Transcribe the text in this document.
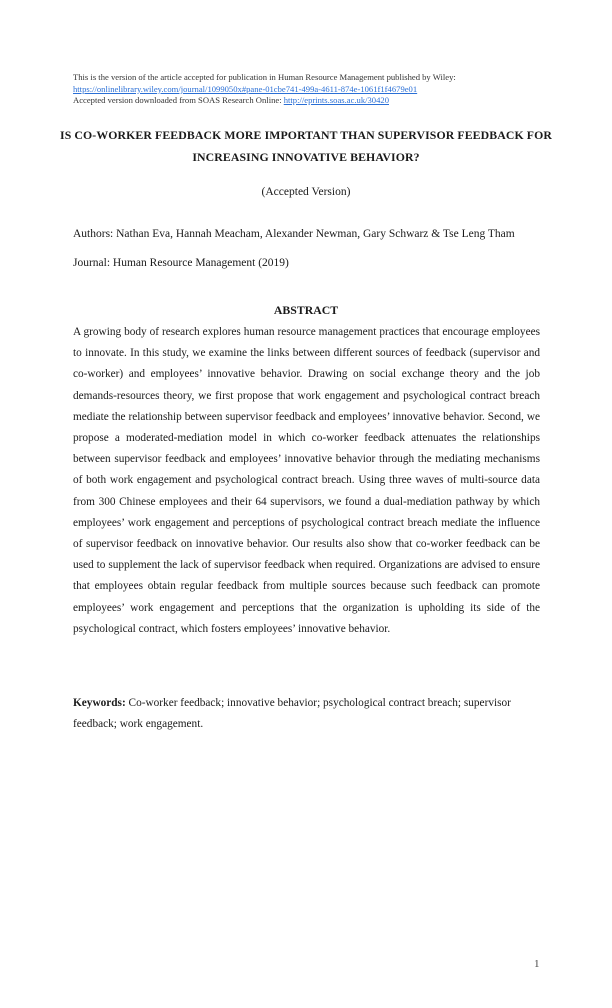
This is the version of the article accepted for publication in Human Resource Management published by Wiley:
https://onlinelibrary.wiley.com/journal/1099050x#pane-01cbe741-499a-4611-874e-1061f1f4679e01
Accepted version downloaded from SOAS Research Online: http://eprints.soas.ac.uk/30420
IS CO-WORKER FEEDBACK MORE IMPORTANT THAN SUPERVISOR FEEDBACK FOR INCREASING INNOVATIVE BEHAVIOR?
(Accepted Version)
Authors: Nathan Eva, Hannah Meacham, Alexander Newman, Gary Schwarz & Tse Leng Tham
Journal: Human Resource Management (2019)
ABSTRACT

A growing body of research explores human resource management practices that encourage employees to innovate. In this study, we examine the links between different sources of feedback (supervisor and co-worker) and employees’ innovative behavior. Drawing on social exchange theory and the job demands-resources theory, we first propose that work engagement and psychological contract breach mediate the relationship between supervisor feedback and employees’ innovative behavior. Second, we propose a moderated-mediation model in which co-worker feedback attenuates the relationships between supervisor feedback and employees’ innovative behavior through the mediating mechanisms of both work engagement and psychological contract breach. Using three waves of multi-source data from 300 Chinese employees and their 64 supervisors, we found a dual-mediation pathway by which employees’ work engagement and perceptions of psychological contract breach mediate the influence of supervisor feedback on innovative behavior. Our results also show that co-worker feedback can be used to supplement the lack of supervisor feedback when required. Organizations are advised to ensure that employees obtain regular feedback from multiple sources because such feedback can promote employees’ work engagement and perceptions that the organization is upholding its side of the psychological contract, which fosters employees’ innovative behavior.

Keywords: Co-worker feedback; innovative behavior; psychological contract breach; supervisor feedback; work engagement.

1
